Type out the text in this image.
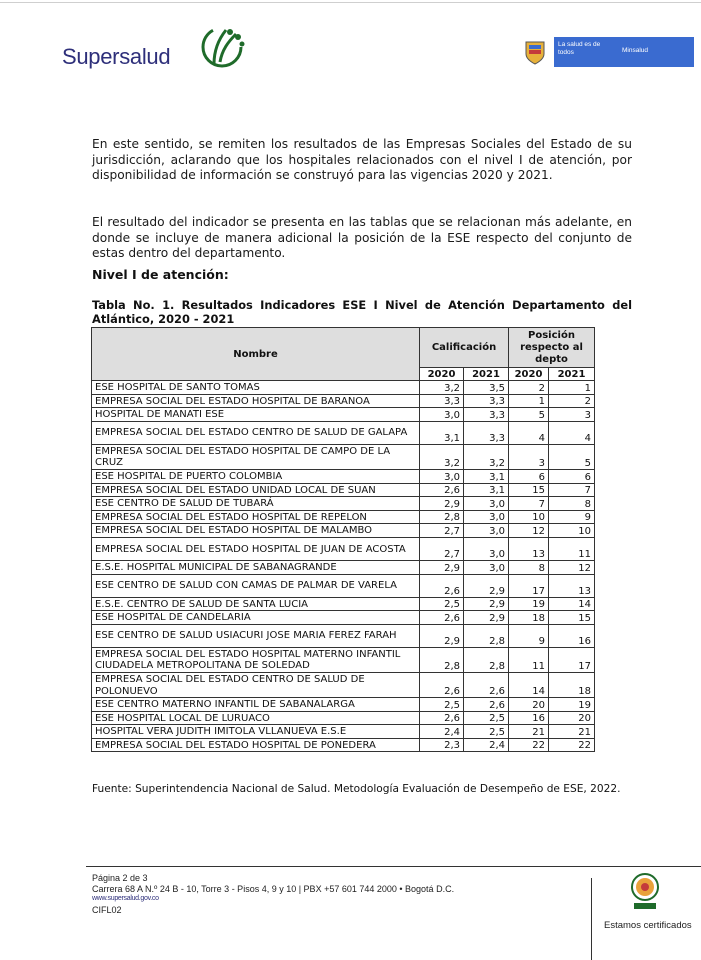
Supersalud	La salud es de todos	Minsalud

En este sentido, se remiten los resultados de las Empresas Sociales del Estado de su jurisdicción, aclarando que los hospitales relacionados con el nivel I de atención, por disponibilidad de información se construyó para las vigencias 2020 y 2021.

El resultado del indicador se presenta en las tablas que se relacionan más adelante, en donde se incluye de manera adicional la posición de la ESE respecto del conjunto de estas dentro del departamento.

Nivel I de atención:
Tabla No. 1. Resultados Indicadores ESE I Nivel de Atención Departamento del Atlántico, 2020 - 2021
Nombre	Calificación		Posición respecto al depto	
	2020	2021	2020	2021
ESE HOSPITAL DE SANTO TOMAS	3,2	3,5	2	1
EMPRESA SOCIAL DEL ESTADO HOSPITAL DE BARANOA	3,3	3,3	1	2
HOSPITAL DE MANATI ESE	3,0	3,3	5	3
EMPRESA SOCIAL DEL ESTADO CENTRO DE SALUD DE GALAPA	3,1	3,3	4	4
EMPRESA SOCIAL DEL ESTADO HOSPITAL DE CAMPO DE LA CRUZ	3,2	3,2	3	5
ESE HOSPITAL DE PUERTO COLOMBIA	3,0	3,1	6	6
EMPRESA SOCIAL DEL ESTADO UNIDAD LOCAL DE SUAN	2,6	3,1	15	7
ESE CENTRO DE SALUD DE TUBARÁ	2,9	3,0	7	8
EMPRESA SOCIAL DEL ESTADO HOSPITAL DE REPELON	2,8	3,0	10	9
EMPRESA SOCIAL DEL ESTADO HOSPITAL DE MALAMBO	2,7	3,0	12	10
EMPRESA SOCIAL DEL ESTADO HOSPITAL DE JUAN DE ACOSTA	2,7	3,0	13	11
E.S.E. HOSPITAL MUNICIPAL DE SABANAGRANDE	2,9	3,0	8	12
ESE CENTRO DE SALUD CON CAMAS DE PALMAR DE VARELA	2,6	2,9	17	13
E.S.E. CENTRO DE SALUD DE SANTA LUCIA	2,5	2,9	19	14
ESE HOSPITAL DE CANDELARIA	2,6	2,9	18	15
ESE CENTRO DE SALUD USIACURI JOSE MARIA FEREZ FARAH	2,9	2,8	9	16
EMPRESA SOCIAL DEL ESTADO HOSPITAL MATERNO INFANTIL CIUDADELA METROPOLITANA DE SOLEDAD	2,8	2,8	11	17
EMPRESA SOCIAL DEL ESTADO CENTRO DE SALUD DE POLONUEVO	2,6	2,6	14	18
ESE CENTRO MATERNO INFANTIL DE SABANALARGA	2,5	2,6	20	19
ESE HOSPITAL LOCAL DE LURUACO	2,6	2,5	16	20
HOSPITAL VERA JUDITH IMITOLA VLLANUEVA E.S.E	2,4	2,5	21	21
EMPRESA SOCIAL DEL ESTADO HOSPITAL DE PONEDERA	2,3	2,4	22	22
Fuente: Superintendencia Nacional de Salud. Metodología Evaluación de Desempeño de ESE, 2022.
Página 2 de 3
Carrera 68 A N.º 24 B - 10, Torre 3 - Pisos 4, 9 y 10 | PBX +57 601 744 2000 • Bogotá D.C.
www.supersalud.gov.co
CIFL02
Estamos certificados
